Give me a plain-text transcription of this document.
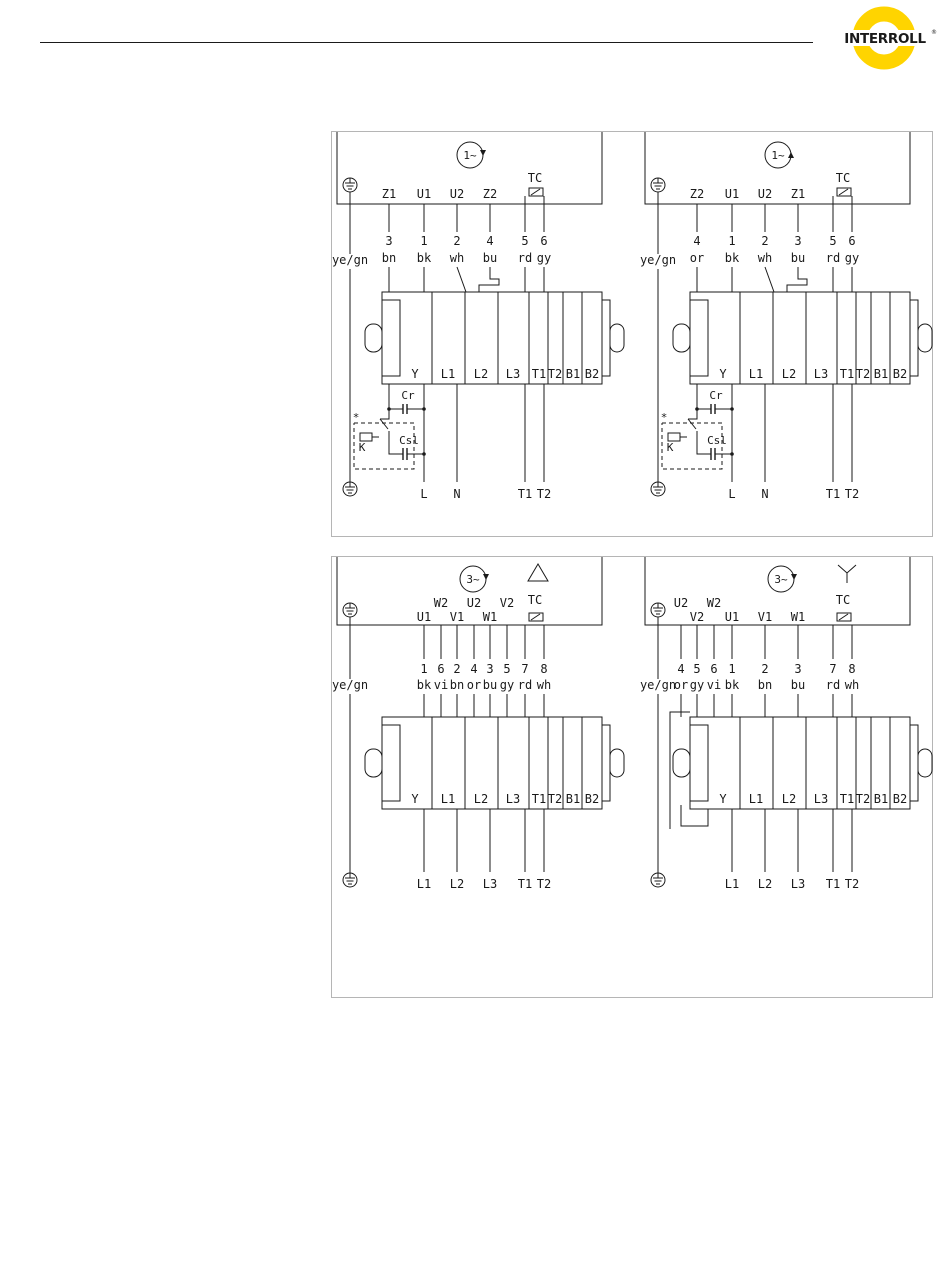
INTERROLL ®
ye/gn
1~
TC
Z1 U1 U2 Z2
3
bn
1
bk
2
wh
4
bu
5
rd
6
gy
Y L1 L2 L3 T1 T2 B1 B2
Cr
Csl
K
*
L N	T1 T2
ye/gn
1~
TC
Z2 U1 U2 Z1
4
or
1
bk
2
wh
3
bu
5
rd
6
gy
Y L1 L2 L3 T1 T2 B1 B2
Cr
Csl
K
*
L N	T1 T2
ye/gn
3~
TC
W2 U2 V2
U1 V1 W1
1
bk
6
vi
2
bn
4
or
3
bu
5
gy
7
rd
8
wh
Y L1 L2 L3 T1 T2 B1 B2
L1 L2 L3 T1 T2
ye/gn
3~
TC
U2 W2
V2 U1 V1 W1
4
or
5
gy
6
vi
1
bk
2
bn
3
bu
7
rd
8
wh
Y L1 L2 L3 T1 T2 B1 B2
L1 L2 L3 T1 T2
